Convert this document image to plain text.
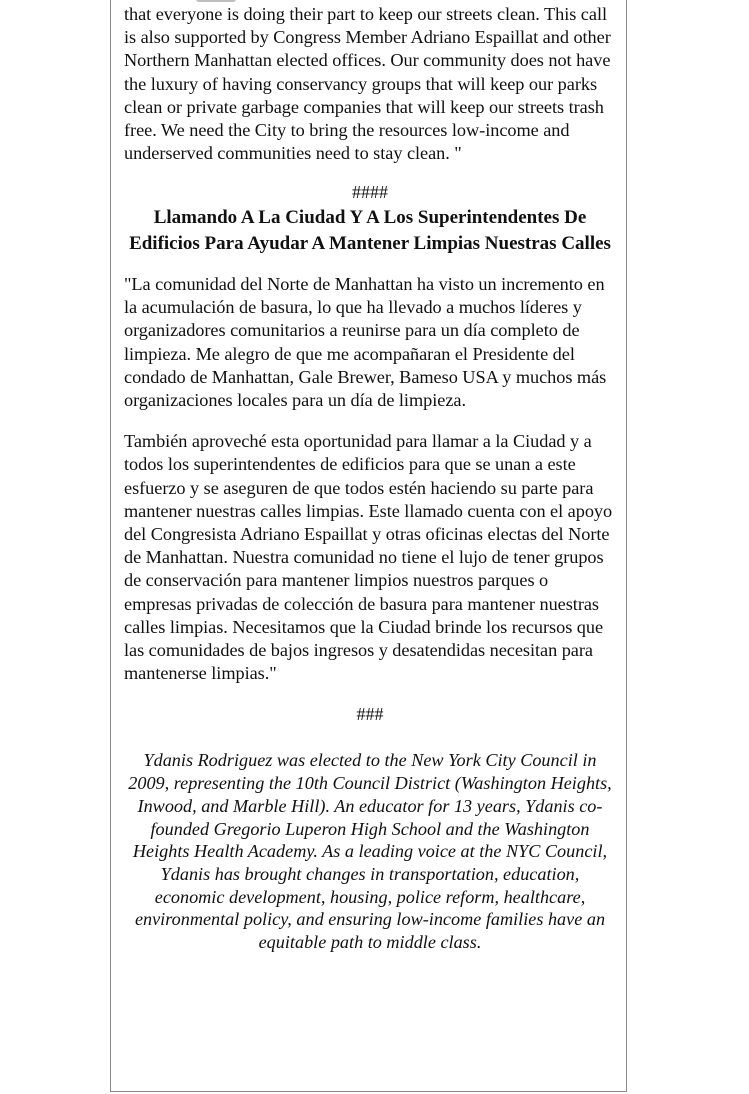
that everyone is doing their part to keep our streets clean. This call is also supported by Congress Member Adriano Espaillat and other Northern Manhattan elected offices. Our community does not have the luxury of having conservancy groups that will keep our parks clean or private garbage companies that will keep our streets trash free. We need the City to bring the resources low-income and underserved communities need to stay clean. "

####
Llamando A La Ciudad Y A Los Superintendentes De Edificios Para Ayudar A Mantener Limpias Nuestras Calles

"La comunidad del Norte de Manhattan ha visto un incremento en la acumulación de basura, lo que ha llevado a muchos líderes y organizadores comunitarios a reunirse para un día completo de limpieza. Me alegro de que me acompañaran el Presidente del condado de Manhattan, Gale Brewer, Bameso USA y muchos más organizaciones locales para un día de limpieza.

También aproveché esta oportunidad para llamar a la Ciudad y a todos los superintendentes de edificios para que se unan a este esfuerzo y se aseguren de que todos estén haciendo su parte para mantener nuestras calles limpias. Este llamado cuenta con el apoyo del Congresista Adriano Espaillat y otras oficinas electas del Norte de Manhattan. Nuestra comunidad no tiene el lujo de tener grupos de conservación para mantener limpios nuestros parques o empresas privadas de colección de basura para mantener nuestras calles limpias. Necesitamos que la Ciudad brinde los recursos que las comunidades de bajos ingresos y desatendidas necesitan para mantenerse limpias."

###
Ydanis Rodriguez was elected to the New York City Council in 2009, representing the 10th Council District (Washington Heights, Inwood, and Marble Hill). An educator for 13 years, Ydanis co-founded Gregorio Luperon High School and the Washington Heights Health Academy. As a leading voice at the NYC Council, Ydanis has brought changes in transportation, education, economic development, housing, police reform, healthcare, environmental policy, and ensuring low-income families have an equitable path to middle class.
